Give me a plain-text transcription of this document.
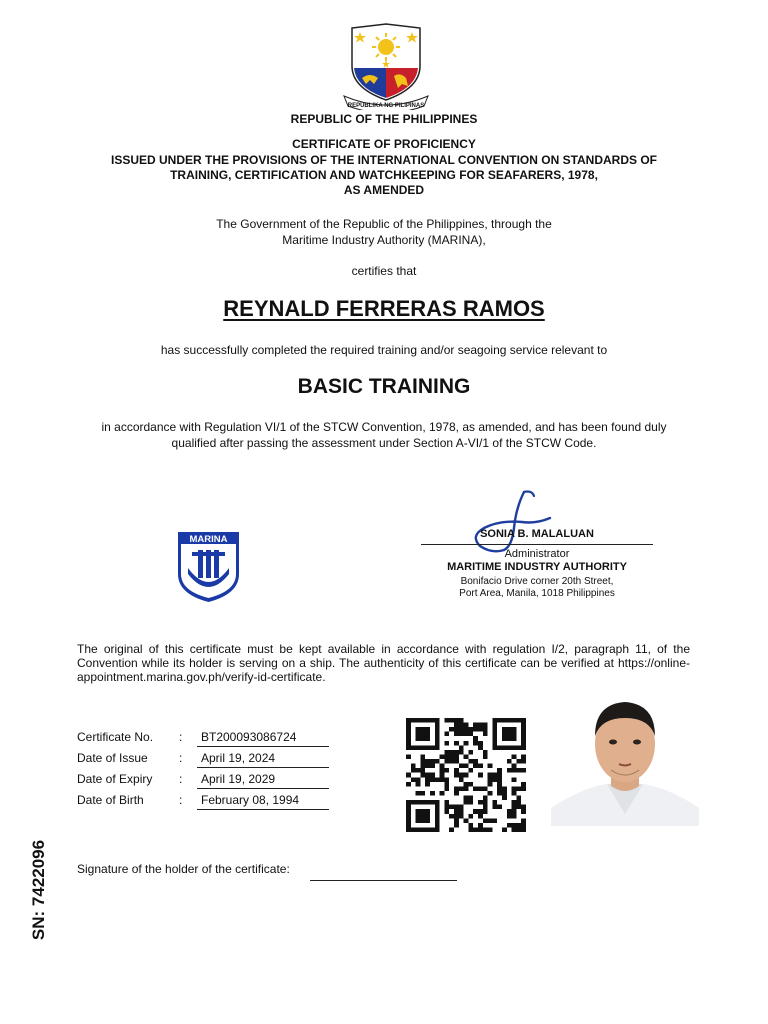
REPUBLIKA NG PILIPINAS
REPUBLIC OF THE PHILIPPINES
CERTIFICATE OF PROFICIENCY
ISSUED UNDER THE PROVISIONS OF THE INTERNATIONAL CONVENTION ON STANDARDS OF
TRAINING, CERTIFICATION AND WATCHKEEPING FOR SEAFARERS, 1978,
AS AMENDED
The Government of the Republic of the Philippines, through the
Maritime Industry Authority (MARINA),
certifies that
REYNALD FERRERAS RAMOS
has successfully completed the required training and/or seagoing service relevant to
BASIC TRAINING
in accordance with Regulation VI/1 of the STCW Convention, 1978, as amended, and has been found duly
qualified after passing the assessment under Section A-VI/1 of the STCW Code.
MARINA	SONIA B. MALALUAN
Administrator
MARITIME INDUSTRY AUTHORITY
Bonifacio Drive corner 20th Street,
Port Area, Manila, 1018 Philippines
The original of this certificate must be kept available in accordance with regulation I/2, paragraph 11, of the Convention while its holder is serving on a ship. The authenticity of this certificate can be verified at https://online-appointment.marina.gov.ph/verify-id-certificate.
Certificate No. :	BT200093086724
Date of Issue	:	April 19, 2024
Date of Expiry :	April 19, 2029
Date of Birth	:	February 08, 1994
Signature of the holder of the certificate:
SN: 7422096
